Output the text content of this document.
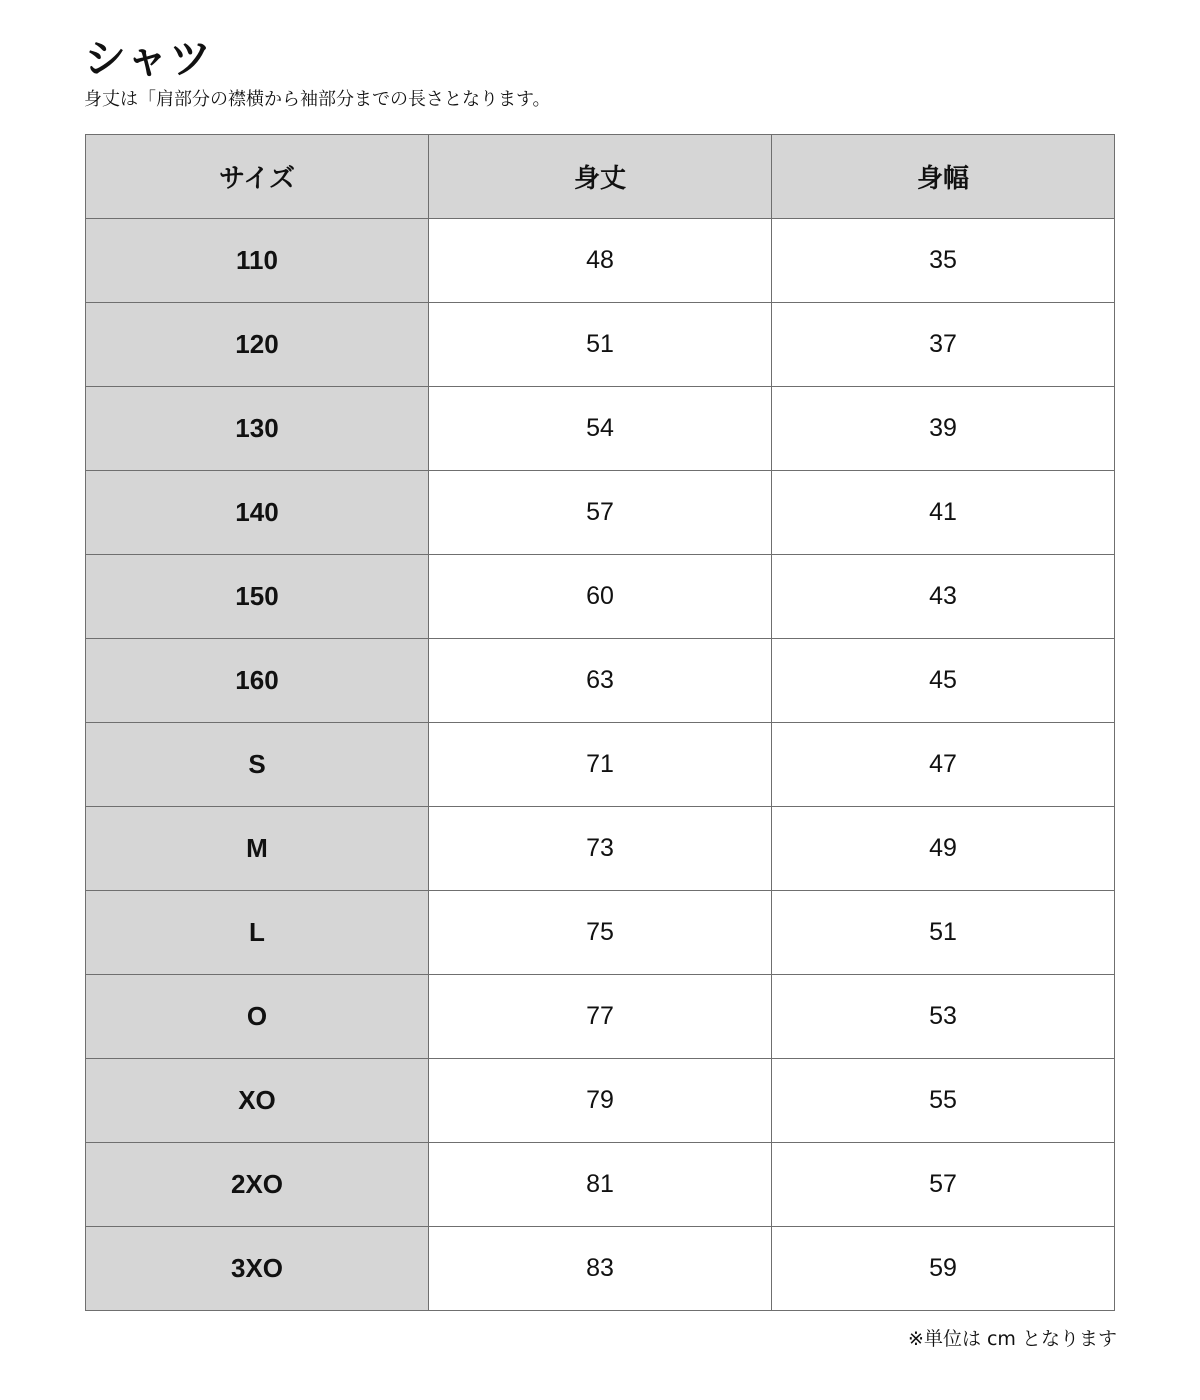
シャツ
身丈は「肩部分の襟横から袖部分までの長さとなります。
サイズ	身丈	身幅
110	48	35
120	51	37
130	54	39
140	57	41
150	60	43
160	63	45
S	71	47
M	73	49
L	75	51
O	77	53
XO	79	55
2XO	81	57
3XO	83	59
※単位は cm となります
